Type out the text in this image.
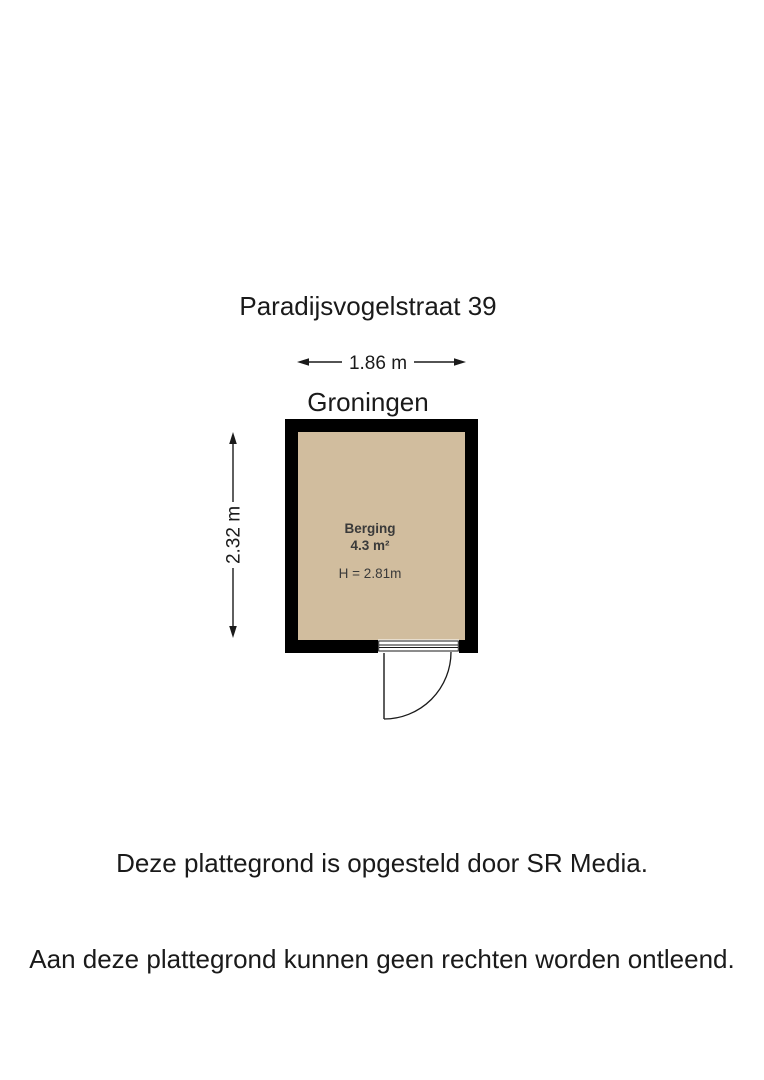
Paradijsvogelstraat 39

Groningen

1.86 m
2.32 m	Berging
4.3 m²
H = 2.81m

Deze plattegrond is opgesteld door SR Media.

Aan deze plattegrond kunnen geen rechten worden ontleend.
